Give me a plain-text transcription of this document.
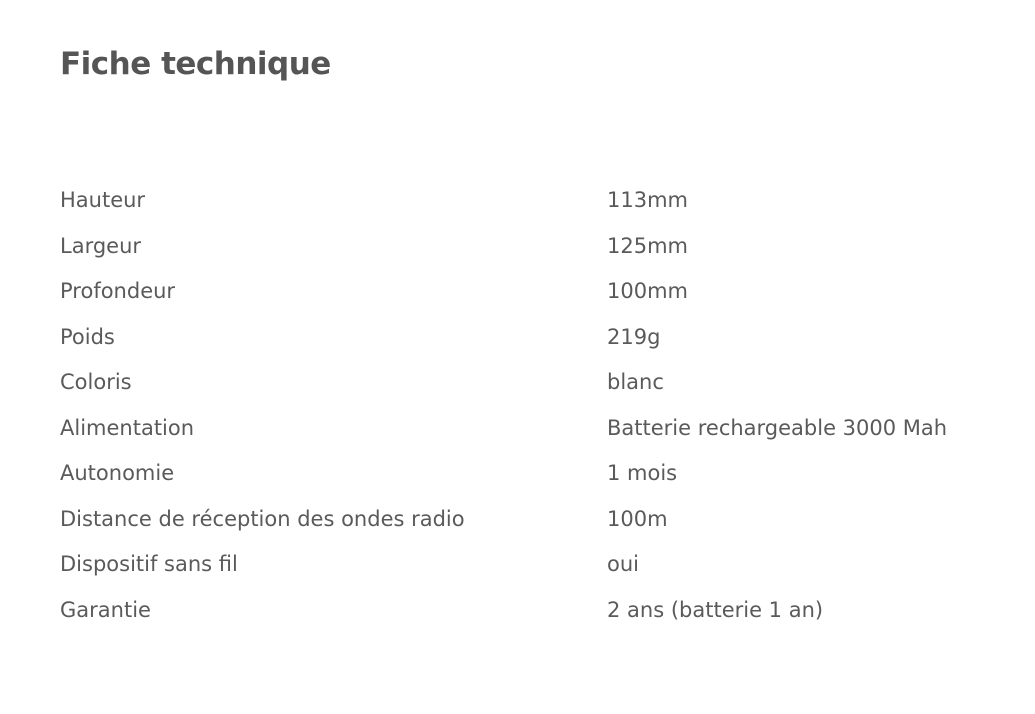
Fiche technique
Hauteur	113mm
Largeur	125mm
Profondeur	100mm
Poids	219g
Coloris	blanc
Alimentation	Batterie rechargeable 3000 Mah
Autonomie	1 mois
Distance de réception des ondes radio	100m
Dispositif sans fil	oui
Garantie	2 ans (batterie 1 an)
